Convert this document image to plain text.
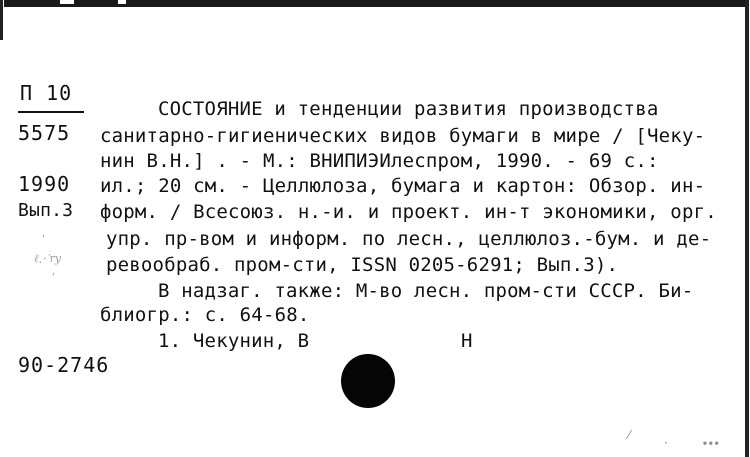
П 10
5575
1990
Вып.3
90-2746
ʹ
ℓ⋰ry
ʹ
СОСТОЯНИЕ и тенденции развития производства
санитарно-гигиенических видов бумаги в мире / [Чеку-
нин В.Н.] . - М.: ВНИПИЭИлеспром, 1990. - 69 с.:
ил.; 20 см. - Целлюлоза, бумага и картон: Обзор. ин-
форм. / Всесоюз. н.-и. и проект. ин-т экономики, орг.
упр. пр-вом и информ. по лесн., целлюлоз.-бум. и де-
ревообраб. пром-сти, ISSN 0205-6291; Вып.3).
В надзаг. также: М-во лесн. пром-сти СССР. Би-
блиогр.: с. 64-68.
1. Чекунин, В	Н
⁄
·	∙∙∙
